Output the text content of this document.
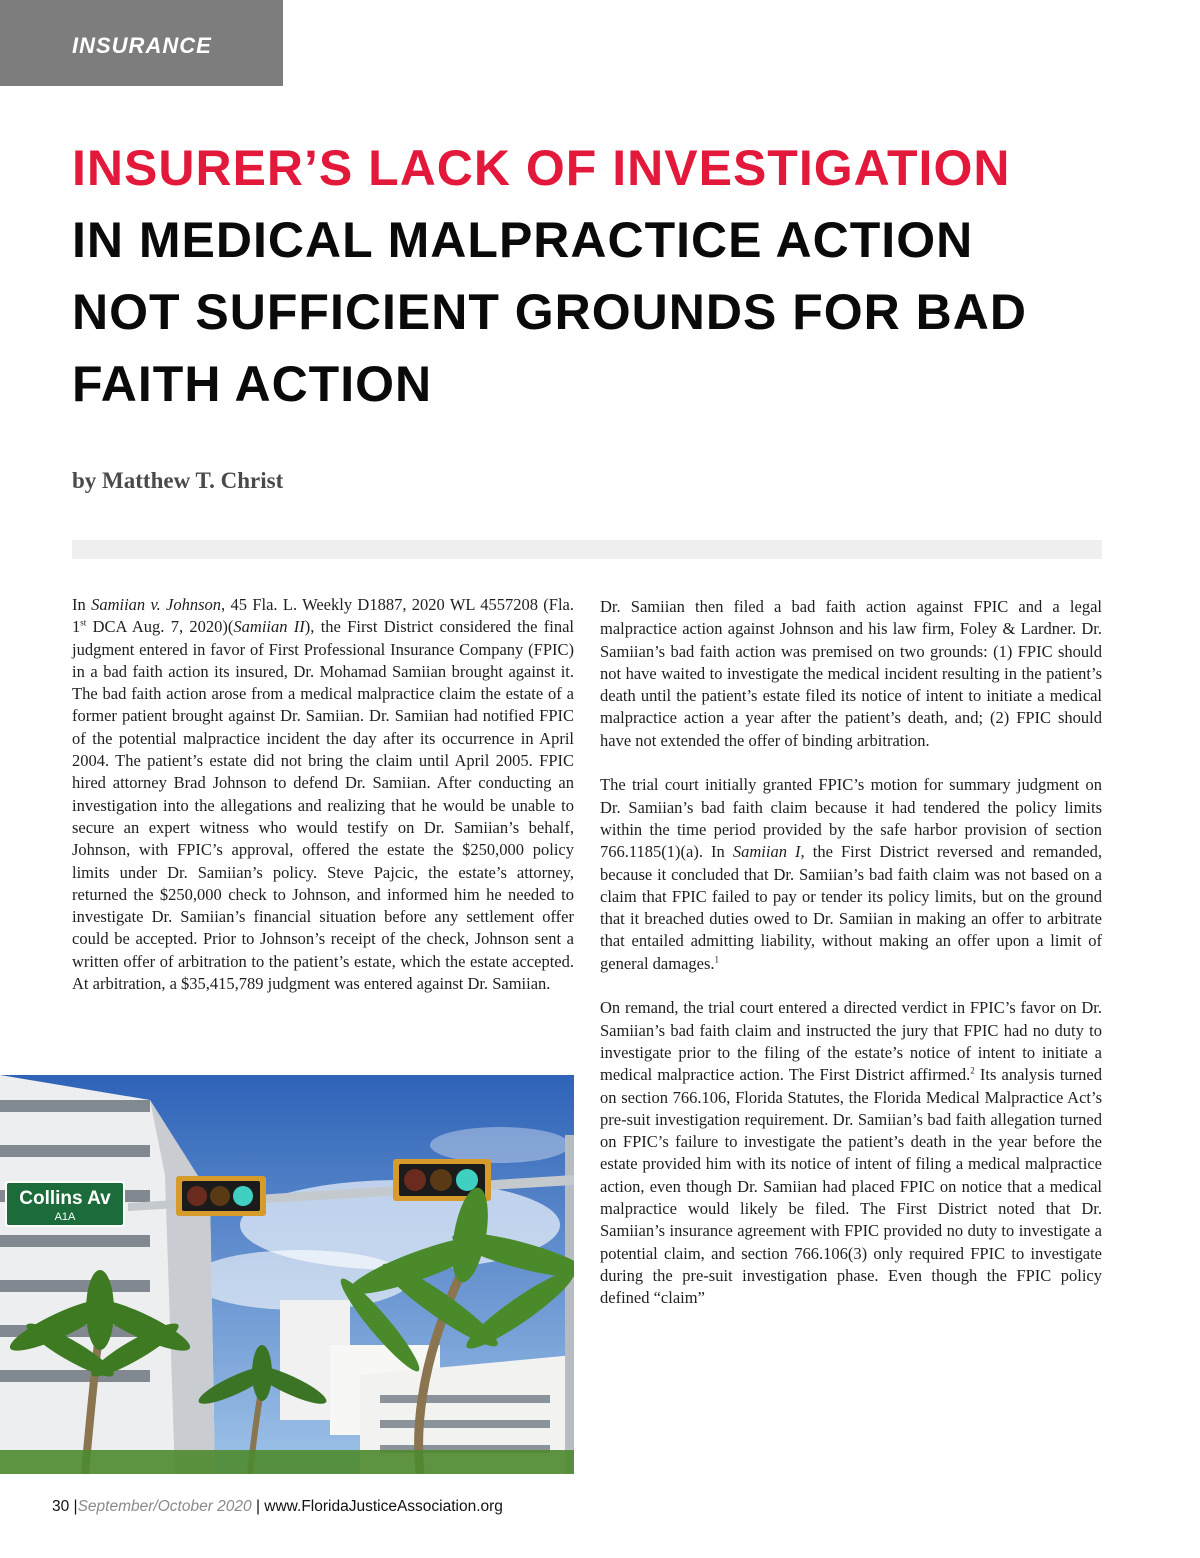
INSURANCE
INSURER’S LACK OF INVESTIGATION
IN MEDICAL MALPRACTICE ACTION
NOT SUFFICIENT GROUNDS FOR BAD
FAITH ACTION

by Matthew T. Christ

In Samiian v. Johnson, 45 Fla. L. Weekly D1887, 2020 WL 4557208 (Fla. 1st DCA Aug. 7, 2020)(Samiian II), the First District considered the final judgment entered in favor of First Professional Insurance Company (FPIC) in a bad faith action its insured, Dr. Mohamad Samiian brought against it. The bad faith action arose from a medical malpractice claim the estate of a former patient brought against Dr. Samiian. Dr. Samiian had notified FPIC of the potential malpractice incident the day after its occurrence in April 2004. The patient’s estate did not bring the claim until April 2005. FPIC hired attorney Brad Johnson to defend Dr. Samiian. After conducting an investigation into the allegations and realizing that he would be unable to secure an expert witness who would testify on Dr. Samiian’s behalf, Johnson, with FPIC’s approval, offered the estate the $250,000 policy limits under Dr. Samiian’s policy. Steve Pajcic, the estate’s attorney, returned the $250,000 check to Johnson, and informed him he needed to investigate Dr. Samiian’s financial situation before any settlement offer could be accepted. Prior to Johnson’s receipt of the check, Johnson sent a written offer of arbitration to the patient’s estate, which the estate accepted. At arbitration, a $35,415,789 judgment was entered against Dr. Samiian.

Dr. Samiian then filed a bad faith action against FPIC and a legal malpractice action against Johnson and his law firm, Foley & Lardner. Dr. Samiian’s bad faith action was premised on two grounds: (1) FPIC should not have waited to investigate the medical incident resulting in the patient’s death until the patient’s estate filed its notice of intent to initiate a medical malpractice action a year after the patient’s death, and; (2) FPIC should have not extended the offer of binding arbitration.

The trial court initially granted FPIC’s motion for summary judgment on Dr. Samiian’s bad faith claim because it had tendered the policy limits within the time period provided by the safe harbor provision of section 766.1185(1)(a). In Samiian I, the First District reversed and remanded, because it concluded that Dr. Samiian’s bad faith claim was not based on a claim that FPIC failed to pay or tender its policy limits, but on the ground that it breached duties owed to Dr. Samiian in making an offer to arbitrate that entailed admitting liability, without making an offer upon a limit of general damages.$^1$

On remand, the trial court entered a directed verdict in FPIC’s favor on Dr. Samiian’s bad faith claim and instructed the jury that FPIC had no duty to investigate prior to the filing of the estate’s notice of intent to initiate a medical malpractice action. The First District affirmed.$^2$ Its analysis turned on section 766.106, Florida Statutes, the Florida Medical Malpractice Act’s pre-suit investigation requirement. Dr. Samiian’s bad faith allegation turned on FPIC’s failure to investigate the patient’s death in the year before the estate provided him with its notice of intent of filing a medical malpractice action, even though Dr. Samiian had placed FPIC on notice that a medical malpractice would likely be filed. The First District noted that Dr. Samiian’s insurance agreement with FPIC provided no duty to investigate a potential claim, and section 766.106(3) only required FPIC to investigate during the pre-suit investigation phase. Even though the FPIC policy defined “claim”

Collins Av
A1A
30 |September/October 2020 | www.FloridaJusticeAssociation.org
